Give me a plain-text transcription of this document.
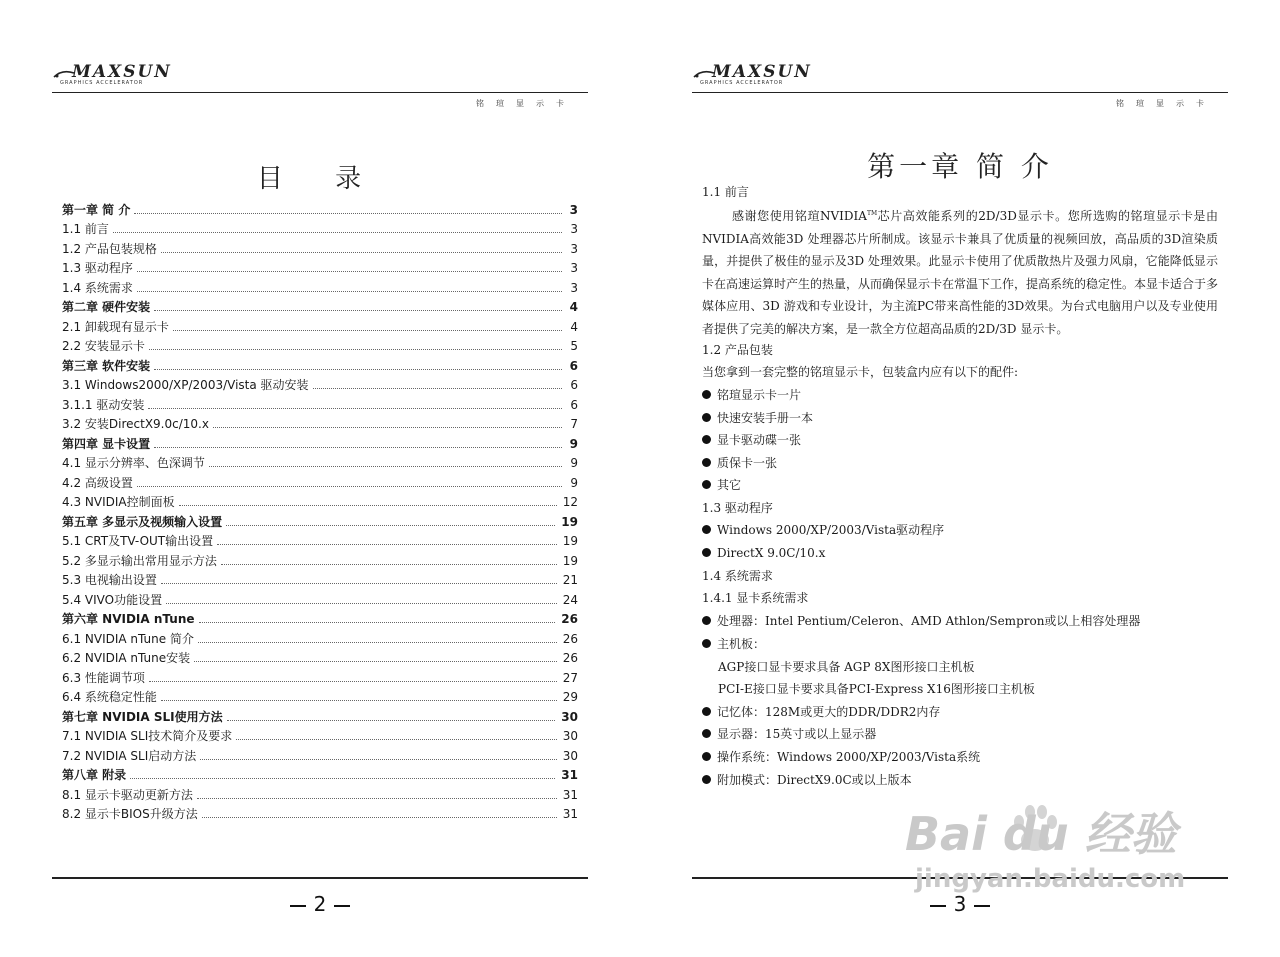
MAXSUN
GRAPHICS ACCELERATOR
铭瑄显示卡
目 录
第一章 简 介	3
1.1 前言	3
1.2 产品包装规格	3
1.3 驱动程序	3
1.4 系统需求	3
第二章 硬件安装	4
2.1 卸载现有显示卡	4
2.2 安装显示卡	5
第三章 软件安装	6
3.1 Windows2000/XP/2003/Vista 驱动安装	6
3.1.1 驱动安装	6
3.2 安装DirectX9.0c/10.x	7
第四章 显卡设置	9
4.1 显示分辨率、色深调节	9
4.2 高级设置	9
4.3 NVIDIA控制面板	12
第五章 多显示及视频输入设置	19
5.1 CRT及TV-OUT输出设置	19
5.2 多显示输出常用显示方法	19
5.3 电视输出设置	21
5.4 VIVO功能设置	24
第六章 NVIDIA nTune	26
6.1 NVIDIA nTune 简介	26
6.2 NVIDIA nTune安装	26
6.3 性能调节项	27
6.4 系统稳定性能	29
第七章 NVIDIA SLI使用方法	30
7.1 NVIDIA SLI技术简介及要求	30
7.2 NVIDIA SLI启动方法	30
第八章 附录	31
8.1 显示卡驱动更新方法	31
8.2 显示卡BIOS升级方法	31
2
MAXSUN
GRAPHICS ACCELERATOR
铭瑄显示卡
第一章 简 介
3
1.1 前言
感谢您使用铭瑄NVIDIA™芯片高效能系列的2D/3D显示卡。您所选购的铭瑄显示卡是由NVIDIA高效能3D 处理器芯片所制成。该显示卡兼具了优质量的视频回放，高品质的3D渲染质量，并提供了极佳的显示及3D 处理效果。此显示卡使用了优质散热片及强力风扇，它能降低显示卡在高速运算时产生的热量，从而确保显示卡在常温下工作，提高系统的稳定性。本显卡适合于多媒体应用、3D 游戏和专业设计，为主流PC带来高性能的3D效果。为台式电脑用户以及专业使用者提供了完美的解决方案，是一款全方位超高品质的2D/3D 显示卡。
1.2 产品包装
当您拿到一套完整的铭瑄显示卡，包装盒内应有以下的配件:
铭瑄显示卡一片
快速安装手册一本
显卡驱动碟一张
质保卡一张
其它
1.3 驱动程序
Windows 2000/XP/2003/Vista驱动程序
DirectX 9.0C/10.x
1.4 系统需求
1.4.1 显卡系统需求
处理器：Intel Pentium/Celeron、AMD Athlon/Sempron或以上相容处理器
主机板：
AGP接口显卡要求具备 AGP 8X图形接口主机板
PCI-E接口显卡要求具备PCI-Express X16图形接口主机板
记忆体：128M或更大的DDR/DDR2内存
显示器：15英寸或以上显示器
操作系统：Windows 2000/XP/2003/Vista系统
附加模式：DirectX9.0C或以上版本
Bai du 经验
jingyan.baidu.com
